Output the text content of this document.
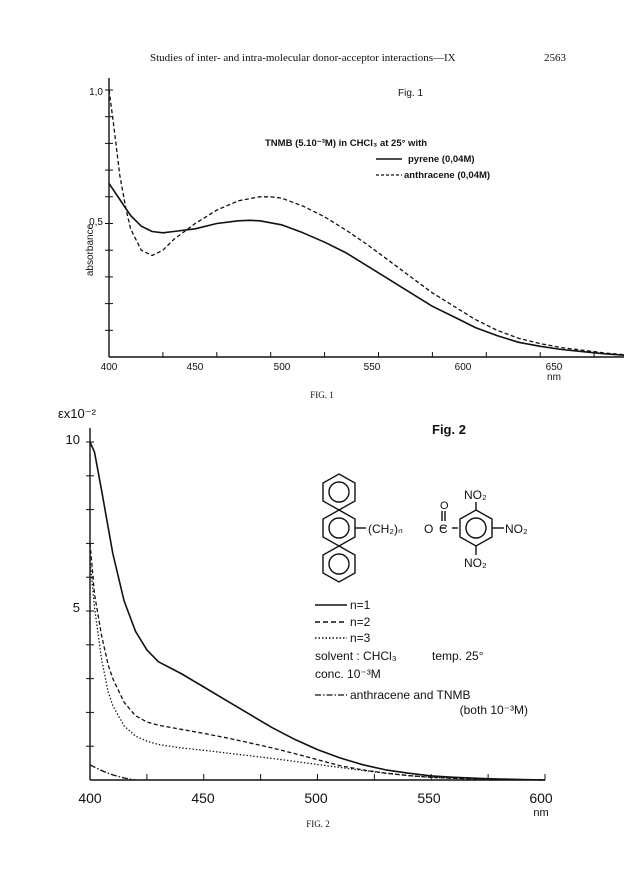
Studies of inter- and intra-molecular donor-acceptor interactions—IX	2563
1,0
0,5
absorbance
400	450	500	550	600	650
nm
Fig. 1
TNMB (5.10⁻³M) in CHCl₃ at 25° with
pyrene (0,04M)
anthracene (0,04M)
FIG. 1
εx10⁻²
10
5
400	450	500	550	600
nm
Fig. 2
(CH₂)ₙ O C
O
NO₂
NO₂
NO₂
n=1
n=2
n=3
solvent : CHCl₃	temp. 25°
conc. 10⁻³M
anthracene and TNMB
(both 10⁻³M)
FIG. 2
